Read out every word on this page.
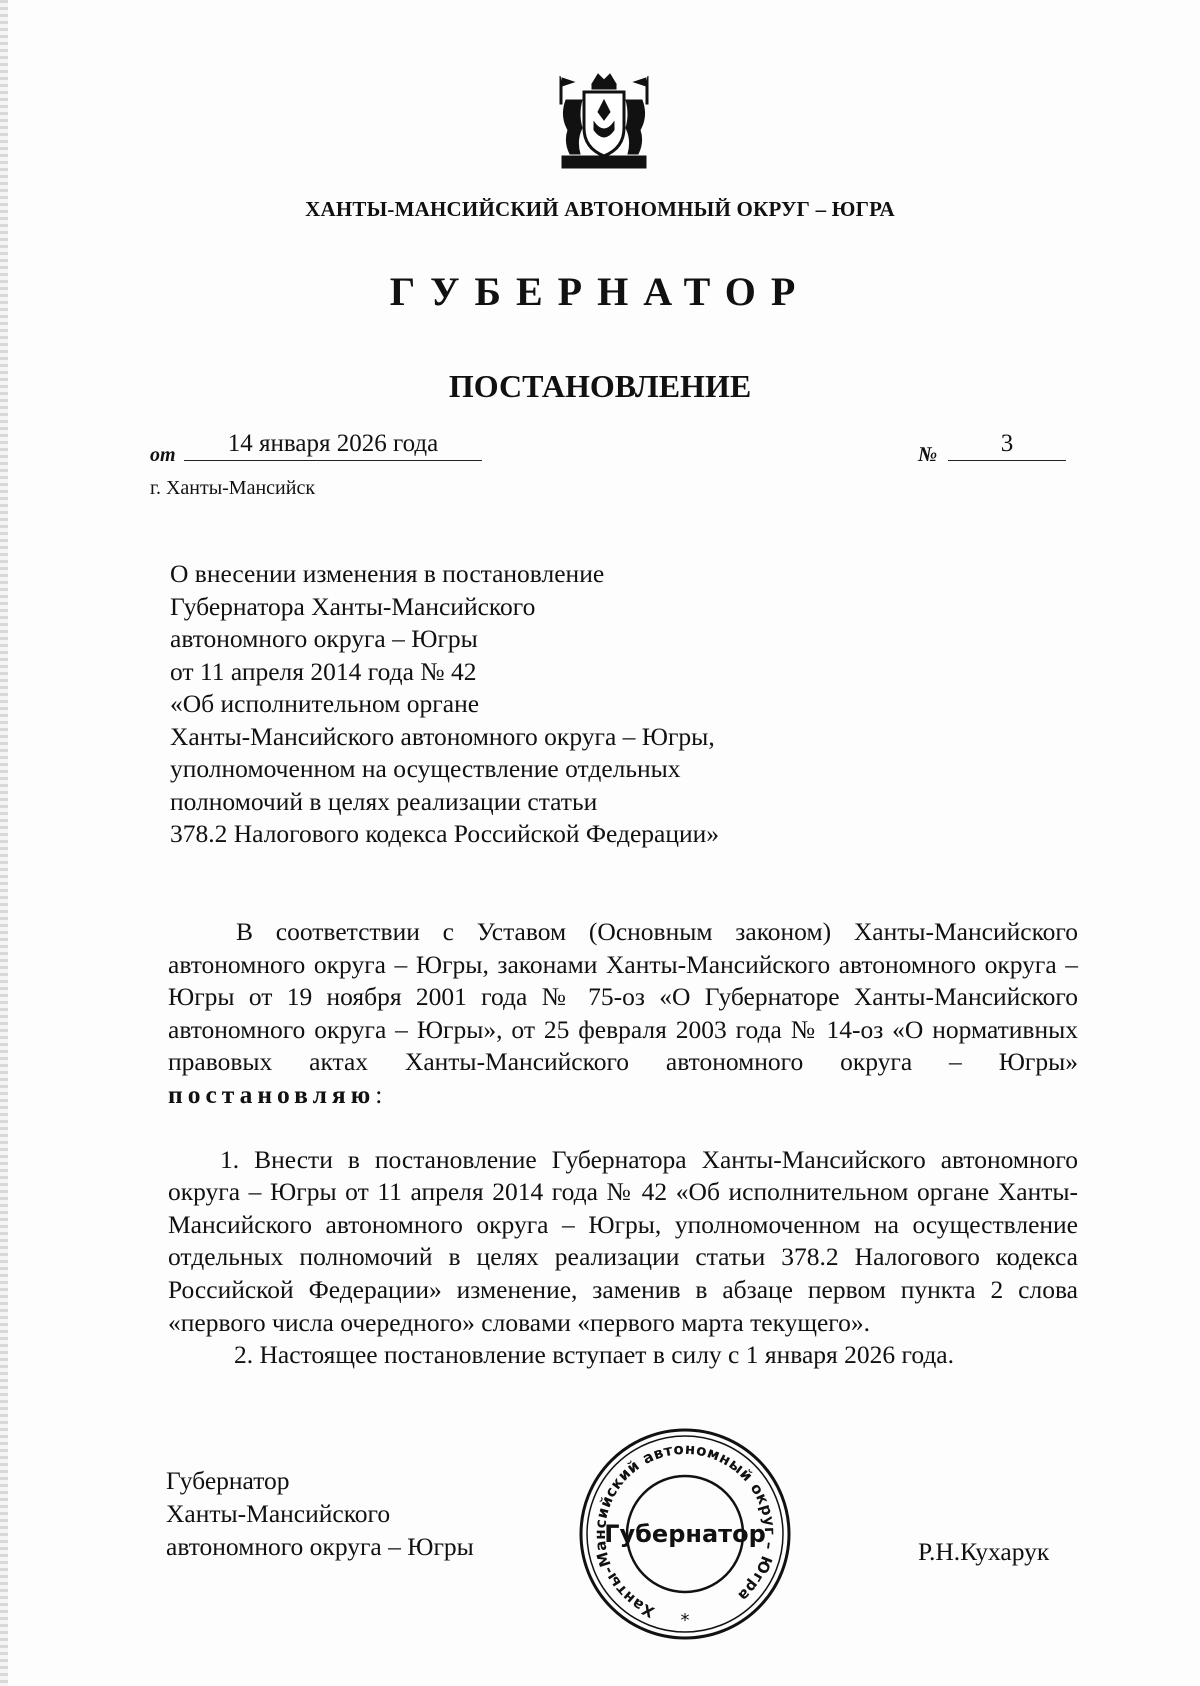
ХАНТЫ-МАНСИЙСКИЙ АВТОНОМНЫЙ ОКРУГ – ЮГРА
ГУБЕРНАТОР
ПОСТАНОВЛЕНИЕ
от	14 января 2026 года	№	3
г. Ханты-Мансийск
О внесении изменения в постановление
Губернатора Ханты-Мансийского
автономного округа – Югры
от 11 апреля 2014 года № 42
«Об исполнительном органе
Ханты-Мансийского автономного округа – Югры,
уполномоченном на осуществление отдельных
полномочий в целях реализации статьи
378.2 Налогового кодекса Российской Федерации»

В соответствии с Уставом (Основным законом) Ханты-Мансийского автономного округа – Югры, законами Ханты-Мансийского автономного округа – Югры от 19 ноября 2001 года № 75-оз «О Губернаторе Ханты-Мансийского автономного округа – Югры», от 25 февраля 2003 года № 14-оз «О нормативных правовых актах Ханты-Мансийского автономного округа – Югры» постановляю:

1. Внести в постановление Губернатора Ханты-Мансийского автономного округа – Югры от 11 апреля 2014 года № 42 «Об исполнительном органе Ханты-Мансийского автономного округа – Югры, уполномоченном на осуществление отдельных полномочий в целях реализации статьи 378.2 Налогового кодекса Российской Федерации» изменение, заменив в абзаце первом пункта 2 слова «первого числа очередного» словами «первого марта текущего».

2. Настоящее постановление вступает в силу с 1 января 2026 года.

Губернатор
Ханты-Мансийского
автономного округа – Югры
Ханты-Мансийский автономный округ – Югра
Губернатор
*
Р.Н.Кухарук
